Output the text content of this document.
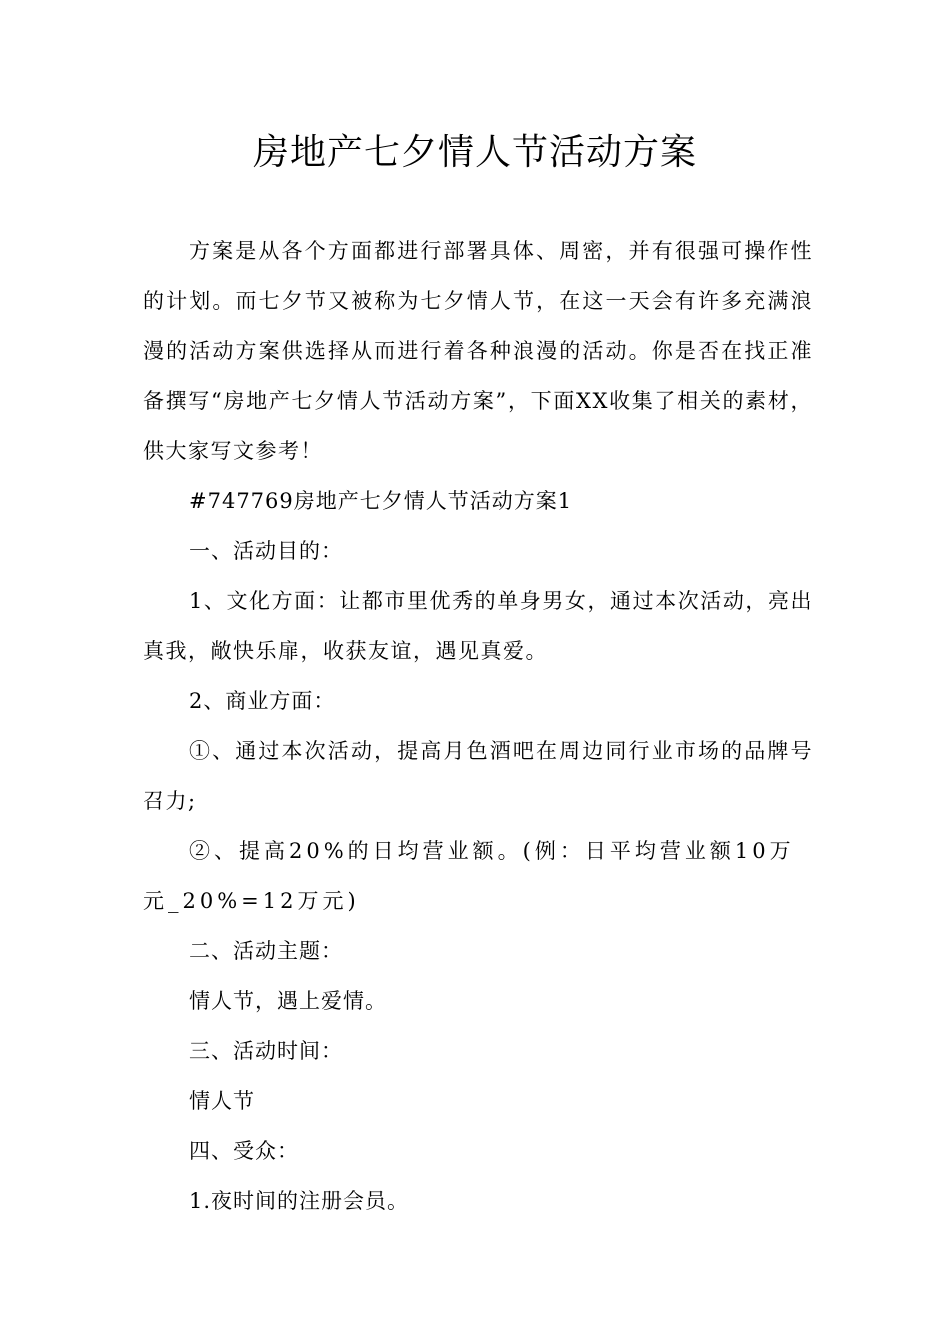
房地产七夕情人节活动方案

方案是从各个方面都进行部署具体、周密，并有很强可操作性的计划。而七夕节又被称为七夕情人节，在这一天会有许多充满浪漫的活动方案供选择从而进行着各种浪漫的活动。你是否在找正准备撰写“房地产七夕情人节活动方案”，下面XX收集了相关的素材，供大家写文参考！

#747769房地产七夕情人节活动方案1

一、活动目的：

1、文化方面：让都市里优秀的单身男女，通过本次活动，亮出真我，敞快乐扉，收获友谊，遇见真爱。

2、商业方面：

①、通过本次活动，提高月色酒吧在周边同行业市场的品牌号召力;

②、提高20%的日均营业额。(例：日平均营业额10万元_20%=12万元)

二、活动主题：

情人节，遇上爱情。

三、活动时间：

情人节

四、受众：

1.夜时间的注册会员。
